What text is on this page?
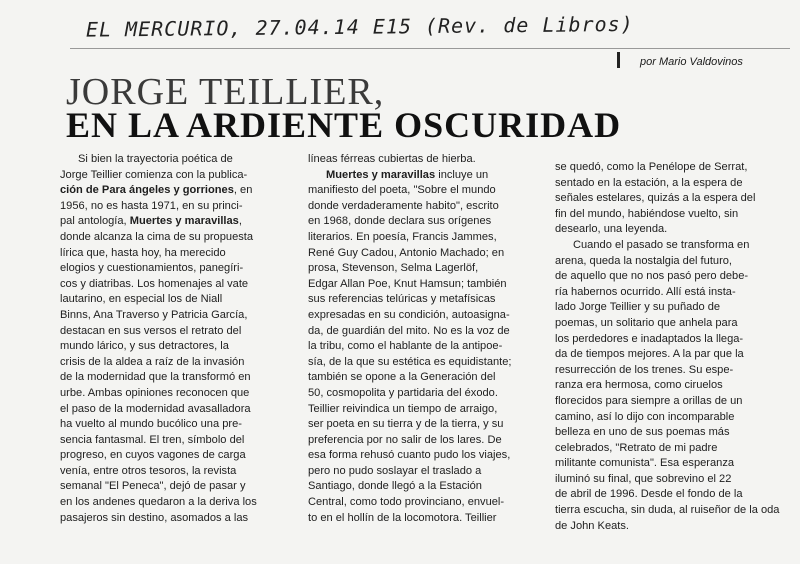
EL MERCURIO, 27.04.14 E15 (Rev. de Libros)
por Mario Valdovinos
JORGE TEILLIER,
EN LA ARDIENTE OSCURIDAD
Si bien la trayectoria poética de
Jorge Teillier comienza con la publica-
ción de Para ángeles y gorriones, en
1956, no es hasta 1971, en su princi-
pal antología, Muertes y maravillas,
donde alcanza la cima de su propuesta
lírica que, hasta hoy, ha merecido
elogios y cuestionamientos, panegíri-
cos y diatribas. Los homenajes al vate
lautarino, en especial los de Niall
Binns, Ana Traverso y Patricia García,
destacan en sus versos el retrato del
mundo lárico, y sus detractores, la
crisis de la aldea a raíz de la invasión
de la modernidad que la transformó en
urbe. Ambas opiniones reconocen que
el paso de la modernidad avasalladora
ha vuelto al mundo bucólico una pre-
sencia fantasmal. El tren, símbolo del
progreso, en cuyos vagones de carga
venía, entre otros tesoros, la revista
semanal "El Peneca", dejó de pasar y
en los andenes quedaron a la deriva los
pasajeros sin destino, asomados a las
líneas férreas cubiertas de hierba.
Muertes y maravillas incluye un
manifiesto del poeta, "Sobre el mundo
donde verdaderamente habito", escrito
en 1968, donde declara sus orígenes
literarios. En poesía, Francis Jammes,
René Guy Cadou, Antonio Machado; en
prosa, Stevenson, Selma Lagerlöf,
Edgar Allan Poe, Knut Hamsun; también
sus referencias telúricas y metafísicas
expresadas en su condición, autoasigna-
da, de guardián del mito. No es la voz de
la tribu, como el hablante de la antipoe-
sía, de la que su estética es equidistante;
también se opone a la Generación del
50, cosmopolita y partidaria del éxodo.
Teillier reivindica un tiempo de arraigo,
ser poeta en su tierra y de la tierra, y su
preferencia por no salir de los lares. De
esa forma rehusó cuanto pudo los viajes,
pero no pudo soslayar el traslado a
Santiago, donde llegó a la Estación
Central, como todo provinciano, envuel-
to en el hollín de la locomotora. Teillier
se quedó, como la Penélope de Serrat,
sentado en la estación, a la espera de
señales estelares, quizás a la espera del
fin del mundo, habiéndose vuelto, sin
desearlo, una leyenda.
Cuando el pasado se transforma en
arena, queda la nostalgia del futuro,
de aquello que no nos pasó pero debe-
ría habernos ocurrido. Allí está insta-
lado Jorge Teillier y su puñado de
poemas, un solitario que anhela para
los perdedores e inadaptados la llega-
da de tiempos mejores. A la par que la
resurrección de los trenes. Su espe-
ranza era hermosa, como ciruelos
florecidos para siempre a orillas de un
camino, así lo dijo con incomparable
belleza en uno de sus poemas más
celebrados, "Retrato de mi padre
militante comunista". Esa esperanza
iluminó su final, que sobrevino el 22
de abril de 1996. Desde el fondo de la
tierra escucha, sin duda, al ruiseñor de la oda de John Keats.
